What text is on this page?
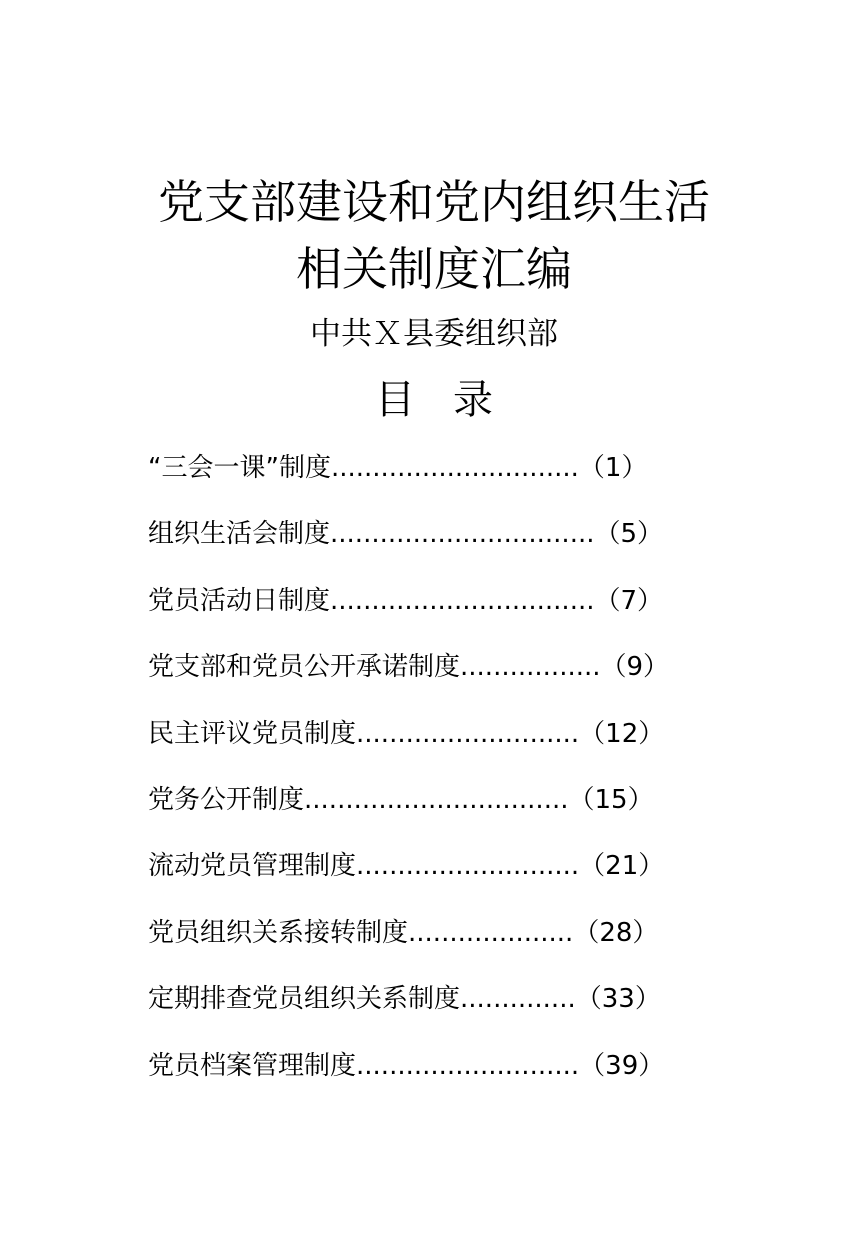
党支部建设和党内组织生活
相关制度汇编
中共Ｘ县委组织部
目录
“三会一课”制度..............................（1）
组织生活会制度................................（5）
党员活动日制度................................（7）
党支部和党员公开承诺制度.................（9）
民主评议党员制度...........................（12）
党务公开制度................................（15）
流动党员管理制度...........................（21）
党员组织关系接转制度....................（28）
定期排查党员组织关系制度..............（33）
党员档案管理制度...........................（39）
